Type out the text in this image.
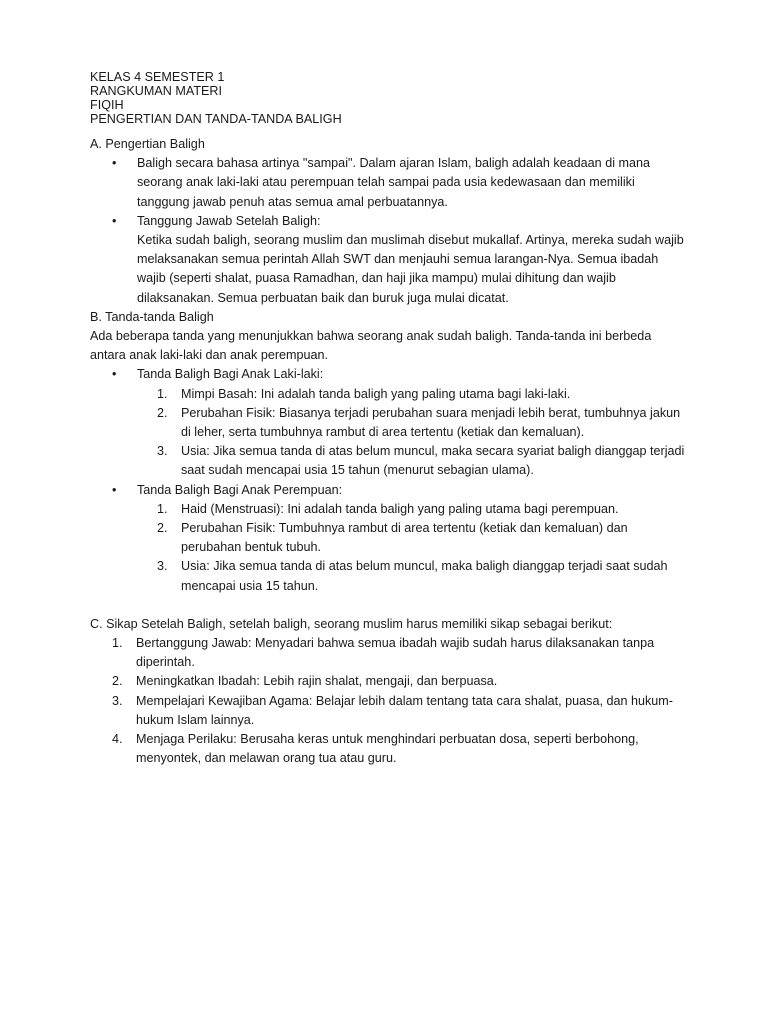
KELAS 4 SEMESTER 1
RANGKUMAN MATERI
FIQIH
PENGERTIAN DAN TANDA-TANDA BALIGH
A. Pengertian Baligh
• Baligh secara bahasa artinya "sampai". Dalam ajaran Islam, baligh adalah keadaan di mana seorang anak laki-laki atau perempuan telah sampai pada usia kedewasaan dan memiliki tanggung jawab penuh atas semua amal perbuatannya.
• Tanggung Jawab Setelah Baligh:
Ketika sudah baligh, seorang muslim dan muslimah disebut mukallaf. Artinya, mereka sudah wajib melaksanakan semua perintah Allah SWT dan menjauhi semua larangan-Nya. Semua ibadah wajib (seperti shalat, puasa Ramadhan, dan haji jika mampu) mulai dihitung dan wajib dilaksanakan. Semua perbuatan baik dan buruk juga mulai dicatat.
B. Tanda-tanda Baligh
Ada beberapa tanda yang menunjukkan bahwa seorang anak sudah baligh. Tanda-tanda ini berbeda antara anak laki-laki dan anak perempuan.
• Tanda Baligh Bagi Anak Laki-laki:
1. Mimpi Basah: Ini adalah tanda baligh yang paling utama bagi laki-laki.
2. Perubahan Fisik: Biasanya terjadi perubahan suara menjadi lebih berat, tumbuhnya jakun di leher, serta tumbuhnya rambut di area tertentu (ketiak dan kemaluan).
3. Usia: Jika semua tanda di atas belum muncul, maka secara syariat baligh dianggap terjadi saat sudah mencapai usia 15 tahun (menurut sebagian ulama).
• Tanda Baligh Bagi Anak Perempuan:
1. Haid (Menstruasi): Ini adalah tanda baligh yang paling utama bagi perempuan.
2. Perubahan Fisik: Tumbuhnya rambut di area tertentu (ketiak dan kemaluan) dan perubahan bentuk tubuh.
3. Usia: Jika semua tanda di atas belum muncul, maka baligh dianggap terjadi saat sudah mencapai usia 15 tahun.
C. Sikap Setelah Baligh, setelah baligh, seorang muslim harus memiliki sikap sebagai berikut:
1. Bertanggung Jawab: Menyadari bahwa semua ibadah wajib sudah harus dilaksanakan tanpa diperintah.
2. Meningkatkan Ibadah: Lebih rajin shalat, mengaji, dan berpuasa.
3. Mempelajari Kewajiban Agama: Belajar lebih dalam tentang tata cara shalat, puasa, dan hukum-hukum Islam lainnya.
4. Menjaga Perilaku: Berusaha keras untuk menghindari perbuatan dosa, seperti berbohong, menyontek, dan melawan orang tua atau guru.
